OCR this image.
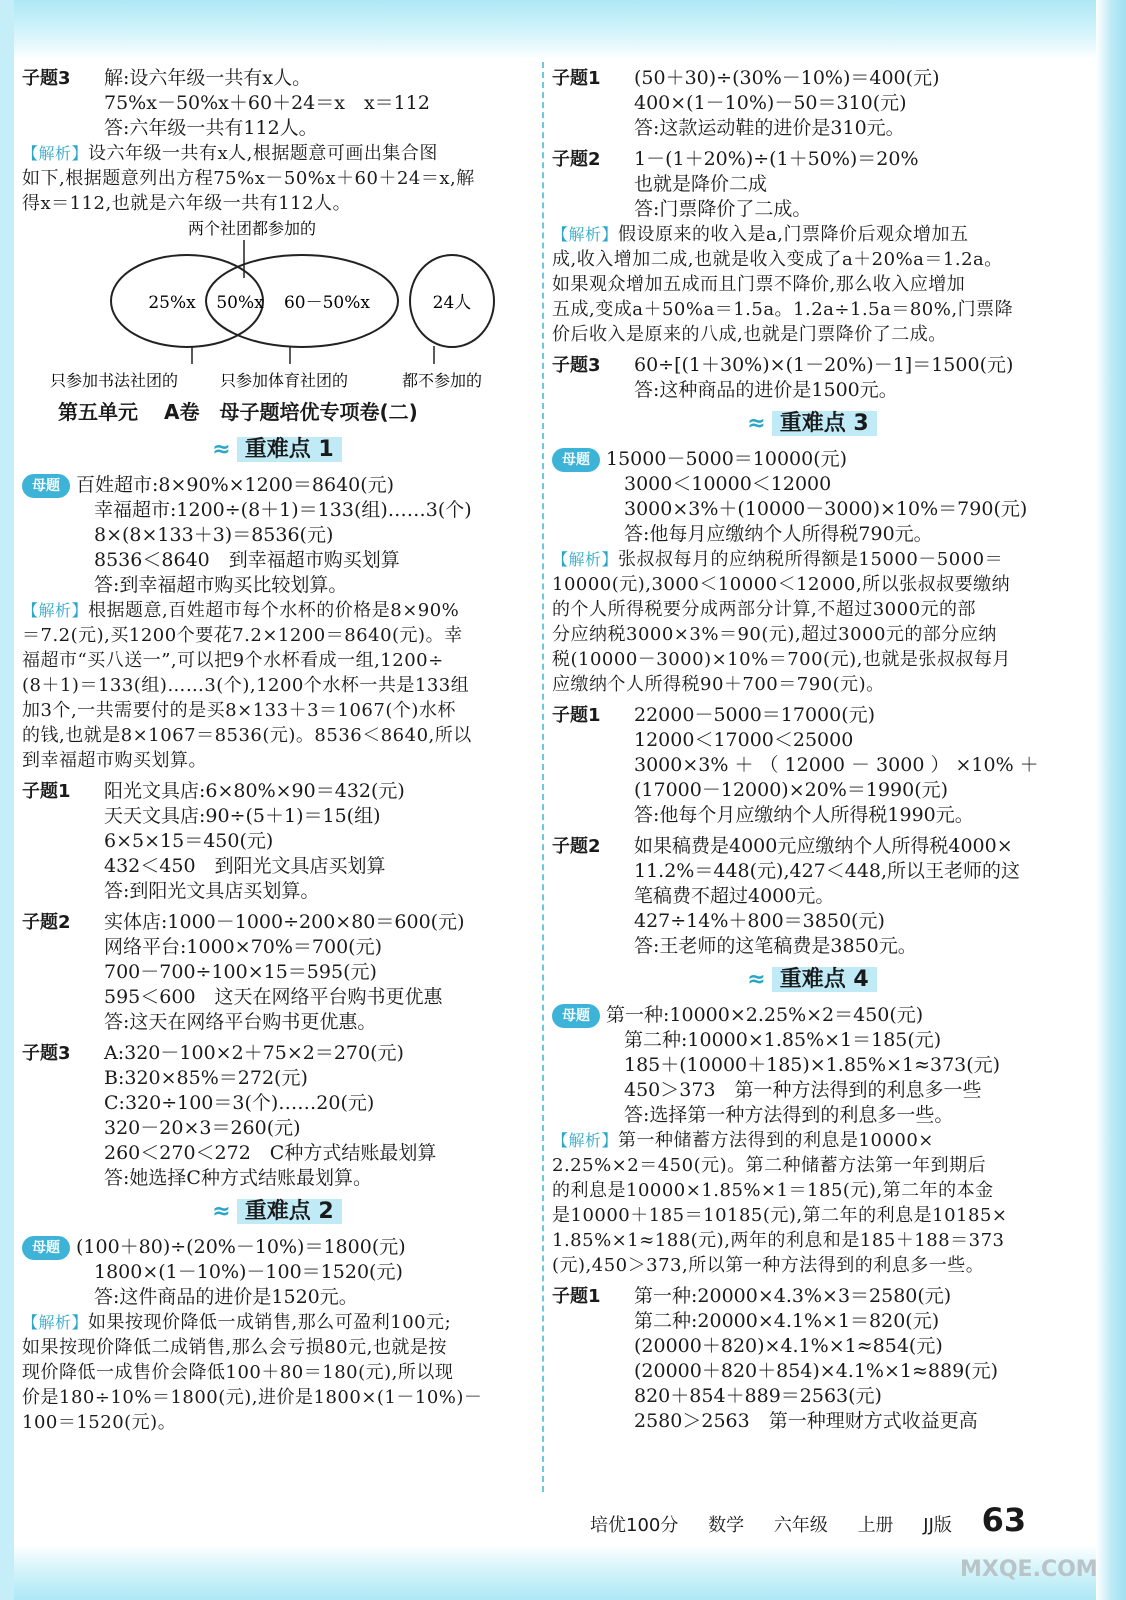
子题3 解:设六年级一共有x人。
75%x－50%x＋60＋24＝x　x＝112
答:六年级一共有112人。
【解析】设六年级一共有x人,根据题意可画出集合图
如下,根据题意列出方程75%x－50%x＋60＋24＝x,解
得x＝112,也就是六年级一共有112人。
两个社团都参加的
25%x 50%x 60－50%x	24人
只参加书法社团的	只参加体育社团的	都不参加的
第五单元 A卷　母子题培优专项卷(二)
≈ 重难点 1
母题 百姓超市:8×90%×1200＝8640(元)
幸福超市:1200÷(8＋1)＝133(组)……3(个)
8×(8×133＋3)＝8536(元)
8536＜8640　到幸福超市购买划算
答:到幸福超市购买比较划算。
【解析】根据题意,百姓超市每个水杯的价格是8×90%
＝7.2(元),买1200个要花7.2×1200＝8640(元)。幸
福超市“买八送一”,可以把9个水杯看成一组,1200÷
(8＋1)＝133(组)……3(个),1200个水杯一共是133组
加3个,一共需要付的是买8×133＋3＝1067(个)水杯
的钱,也就是8×1067＝8536(元)。8536＜8640,所以
到幸福超市购买划算。
子题1 阳光文具店:6×80%×90＝432(元)
天天文具店:90÷(5＋1)＝15(组)
6×5×15＝450(元)
432＜450　到阳光文具店买划算
答:到阳光文具店买划算。
子题2 实体店:1000－1000÷200×80＝600(元)
网络平台:1000×70%＝700(元)
700－700÷100×15＝595(元)
595＜600　这天在网络平台购书更优惠
答:这天在网络平台购书更优惠。
子题3 A:320－100×2＋75×2＝270(元)
B:320×85%＝272(元)
C:320÷100＝3(个)……20(元)
320－20×3＝260(元)
260＜270＜272　C种方式结账最划算
答:她选择C种方式结账最划算。
≈ 重难点 2
母题 (100＋80)÷(20%－10%)＝1800(元)
1800×(1－10%)－100＝1520(元)
答:这件商品的进价是1520元。
【解析】如果按现价降低一成销售,那么可盈利100元;
如果按现价降低二成销售,那么会亏损80元,也就是按
现价降低一成售价会降低100＋80＝180(元),所以现
价是180÷10%＝1800(元),进价是1800×(1－10%)－
100＝1520(元)。
子题1 (50＋30)÷(30%－10%)＝400(元)
400×(1－10%)－50＝310(元)
答:这款运动鞋的进价是310元。
子题2 1－(1＋20%)÷(1＋50%)＝20%
也就是降价二成
答:门票降价了二成。
【解析】假设原来的收入是a,门票降价后观众增加五
成,收入增加二成,也就是收入变成了a＋20%a＝1.2a。
如果观众增加五成而且门票不降价,那么收入应增加
五成,变成a＋50%a＝1.5a。1.2a÷1.5a＝80%,门票降
价后收入是原来的八成,也就是门票降价了二成。
子题3 60÷[(1＋30%)×(1－20%)－1]＝1500(元)
答:这种商品的进价是1500元。
≈ 重难点 3
母题 15000－5000＝10000(元)
3000＜10000＜12000
3000×3%＋(10000－3000)×10%＝790(元)
答:他每月应缴纳个人所得税790元。
【解析】张叔叔每月的应纳税所得额是15000－5000＝
10000(元),3000＜10000＜12000,所以张叔叔要缴纳
的个人所得税要分成两部分计算,不超过3000元的部
分应纳税3000×3%＝90(元),超过3000元的部分应纳
税(10000－3000)×10%＝700(元),也就是张叔叔每月
应缴纳个人所得税90＋700＝790(元)。
子题1 22000－5000＝17000(元)
12000＜17000＜25000
3000×3% ＋ （ 12000 － 3000 ） ×10% ＋
(17000－12000)×20%＝1990(元)
答:他每个月应缴纳个人所得税1990元。
子题2 如果稿费是4000元应缴纳个人所得税4000×
11.2%＝448(元),427＜448,所以王老师的这
笔稿费不超过4000元。
427÷14%＋800＝3850(元)
答:王老师的这笔稿费是3850元。
≈ 重难点 4
母题 第一种:10000×2.25%×2＝450(元)
第二种:10000×1.85%×1＝185(元)
185＋(10000＋185)×1.85%×1≈373(元)
450＞373　第一种方法得到的利息多一些
答:选择第一种方法得到的利息多一些。
【解析】第一种储蓄方法得到的利息是10000×
2.25%×2＝450(元)。第二种储蓄方法第一年到期后
的利息是10000×1.85%×1＝185(元),第二年的本金
是10000＋185＝10185(元),第二年的利息是10185×
1.85%×1≈188(元),两年的利息和是185＋188＝373
(元),450＞373,所以第一种方法得到的利息多一些。
子题1 第一种:20000×4.3%×3＝2580(元)
第二种:20000×4.1%×1＝820(元)
(20000＋820)×4.1%×1≈854(元)
(20000＋820＋854)×4.1%×1≈889(元)
820＋854＋889＝2563(元)
2580＞2563　第一种理财方式收益更高
培优100分 数学 六年级 上册 JJ版 63
MXQE.COM
